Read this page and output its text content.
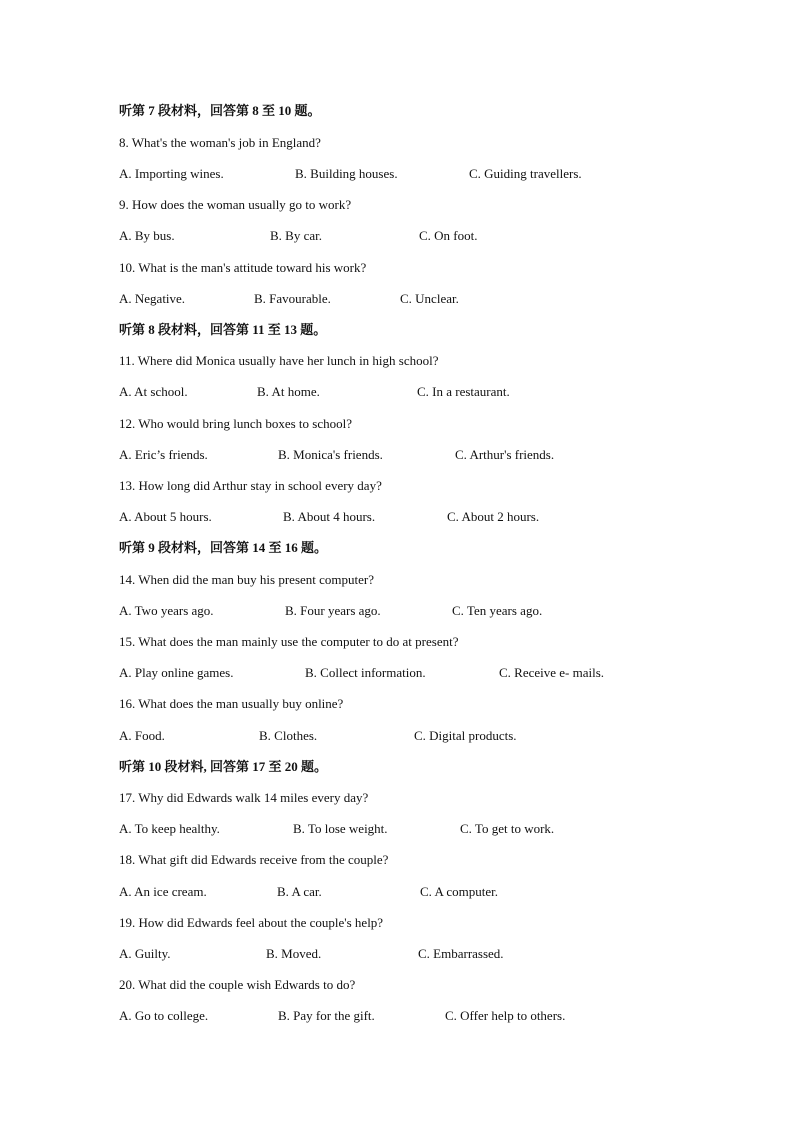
听第 7 段材料，回答第 8 至 10 题。
8. What's the woman's job in England?
A. Importing wines.	B. Building houses.	C. Guiding travellers.
9. How does the woman usually go to work?
A. By bus.	B. By car.	C. On foot.
10. What is the man's attitude toward his work?
A. Negative.	B. Favourable.	C. Unclear.
听第 8 段材料，回答第 11 至 13 题。
11. Where did Monica usually have her lunch in high school?
A. At school.	B. At home.	C. In a restaurant.
12. Who would bring lunch boxes to school?
A. Eric’s friends.	B. Monica's friends.	C. Arthur's friends.
13. How long did Arthur stay in school every day?
A. About 5 hours.	B. About 4 hours.	C. About 2 hours.
听第 9 段材料，回答第 14 至 16 题。
14. When did the man buy his present computer?
A. Two years ago.	B. Four years ago.	C. Ten years ago.
15. What does the man mainly use the computer to do at present?
A. Play online games.	B. Collect information.	C. Receive e- mails.
16. What does the man usually buy online?
A. Food.	B. Clothes.	C. Digital products.
听第 10 段材料, 回答第 17 至 20 题。
17. Why did Edwards walk 14 miles every day?
A. To keep healthy.	B. To lose weight.	C. To get to work.
18. What gift did Edwards receive from the couple?
A. An ice cream.	B. A car.	C. A computer.
19. How did Edwards feel about the couple's help?
A. Guilty.	B. Moved.	C. Embarrassed.
20. What did the couple wish Edwards to do?
A. Go to college.	B. Pay for the gift.	C. Offer help to others.
